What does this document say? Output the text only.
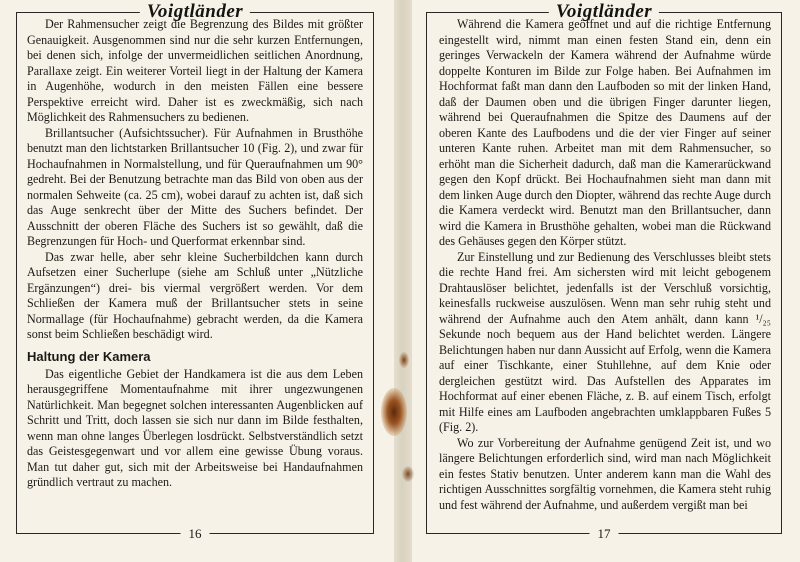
Voigtländer

Der Rahmensucher zeigt die Begrenzung des Bildes mit größter Genauigkeit. Ausgenommen sind nur die sehr kurzen Entfernungen, bei denen sich, infolge der unvermeidlichen seitlichen Anordnung, Parallaxe zeigt. Ein weiterer Vorteil liegt in der Haltung der Kamera in Augenhöhe, wodurch in den meisten Fällen eine bessere Perspektive erreicht wird. Daher ist es zweckmäßig, sich nach Möglichkeit des Rahmensuchers zu bedienen.

Brillantsucher (Aufsichtssucher). Für Aufnahmen in Brusthöhe benutzt man den lichtstarken Brillantsucher 10 (Fig. 2), und zwar für Hochaufnahmen in Normalstellung, und für Queraufnahmen um 90° gedreht. Bei der Benutzung betrachte man das Bild von oben aus der normalen Sehweite (ca. 25 cm), wobei darauf zu achten ist, daß sich das Auge senkrecht über der Mitte des Suchers befindet. Der Ausschnitt der oberen Fläche des Suchers ist so gewählt, daß die Begrenzungen für Hoch- und Querformat erkennbar sind.

Das zwar helle, aber sehr kleine Sucherbildchen kann durch Aufsetzen einer Sucherlupe (siehe am Schluß unter „Nützliche Ergänzungen“) drei- bis viermal vergrößert werden. Vor dem Schließen der Kamera muß der Brillantsucher stets in seine Normallage (für Hochaufnahme) gebracht werden, da die Kamera sonst beim Schließen beschädigt wird.

Haltung der Kamera

Das eigentliche Gebiet der Handkamera ist die aus dem Leben herausgegriffene Momentaufnahme mit ihrer ungezwungenen Natürlichkeit. Man begegnet solchen interessanten Augenblicken auf Schritt und Tritt, doch lassen sie sich nur dann im Bilde festhalten, wenn man ohne langes Überlegen losdrückt. Selbstverständlich setzt das Geistesgegenwart und vor allem eine gewisse Übung voraus. Man tut daher gut, sich mit der Arbeitsweise bei Handaufnahmen gründlich vertraut zu machen.

16
Voigtländer

Während die Kamera geöffnet und auf die richtige Entfernung eingestellt wird, nimmt man einen festen Stand ein, denn ein geringes Verwackeln der Kamera während der Aufnahme würde doppelte Konturen im Bilde zur Folge haben. Bei Aufnahmen im Hochformat faßt man dann den Laufboden so mit der linken Hand, daß der Daumen oben und die übrigen Finger darunter liegen, während bei Queraufnahmen die Spitze des Daumens auf der oberen Kante des Laufbodens und die der vier Finger auf seiner unteren Kante ruhen. Arbeitet man mit dem Rahmensucher, so erhöht man die Sicherheit dadurch, daß man die Kamerarückwand gegen den Kopf drückt. Bei Hochaufnahmen sieht man dann mit dem linken Auge durch den Diopter, während das rechte Auge durch die Kamera verdeckt wird. Benutzt man den Brillantsucher, dann wird die Kamera in Brusthöhe gehalten, wobei man die Rückwand des Gehäuses gegen den Körper stützt.

Zur Einstellung und zur Bedienung des Verschlusses bleibt stets die rechte Hand frei. Am sichersten wird mit leicht gebogenem Drahtauslöser belichtet, jedenfalls ist der Verschluß vorsichtig, keinesfalls ruckweise auszulösen. Wenn man sehr ruhig steht und während der Aufnahme auch den Atem anhält, dann kann ¹/₂₅ Sekunde noch bequem aus der Hand belichtet werden. Längere Belichtungen haben nur dann Aussicht auf Erfolg, wenn die Kamera auf einer Tischkante, einer Stuhllehne, auf dem Knie oder dergleichen gestützt wird. Das Aufstellen des Apparates im Hochformat auf einer ebenen Fläche, z. B. auf einem Tisch, erfolgt mit Hilfe eines am Laufboden angebrachten umklappbaren Fußes 5 (Fig. 2).

Wo zur Vorbereitung der Aufnahme genügend Zeit ist, und wo längere Belichtungen erforderlich sind, wird man nach Möglichkeit ein festes Stativ benutzen. Unter anderem kann man die Wahl des richtigen Ausschnittes sorgfältig vornehmen, die Kamera steht ruhig und fest während der Aufnahme, und außerdem vergißt man bei

17
